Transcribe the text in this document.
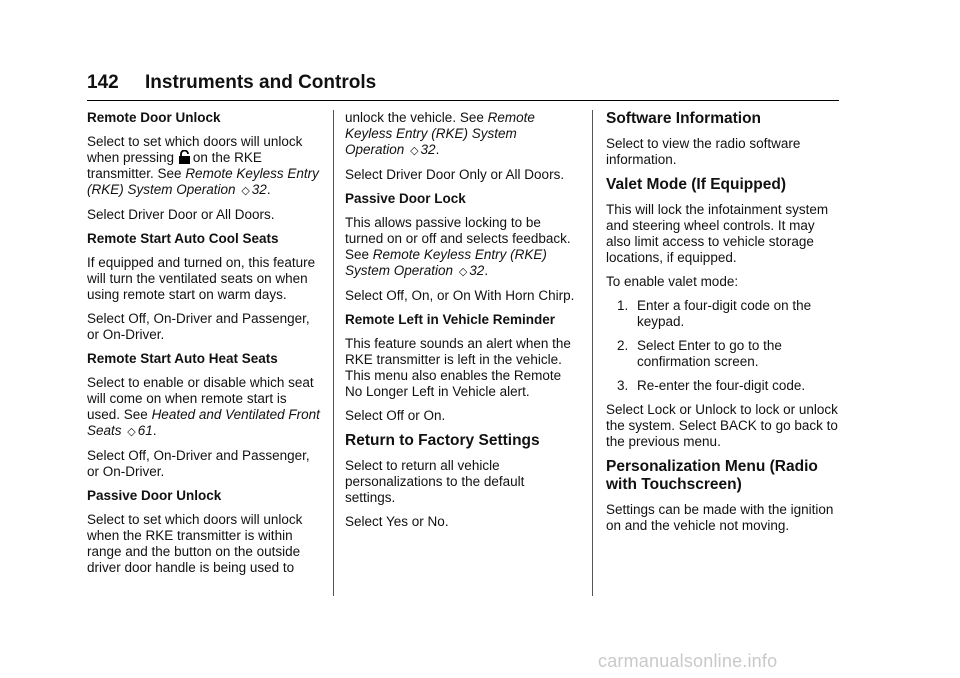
142 Instruments and Controls
Remote Door Unlock
Select to set which doors will unlock when pressing on the RKE transmitter. See Remote Keyless Entry (RKE) System Operation ◇ 32.
Select Driver Door or All Doors.
Remote Start Auto Cool Seats
If equipped and turned on, this feature will turn the ventilated seats on when using remote start on warm days.
Select Off, On-Driver and Passenger, or On-Driver.
Remote Start Auto Heat Seats
Select to enable or disable which seat will come on when remote start is used. See Heated and Ventilated Front Seats ◇ 61.
Select Off, On-Driver and Passenger, or On-Driver.
Passive Door Unlock
Select to set which doors will unlock when the RKE transmitter is within range and the button on the outside driver door handle is being used to
unlock the vehicle. See Remote Keyless Entry (RKE) System Operation ◇ 32.
Select Driver Door Only or All Doors.
Passive Door Lock
This allows passive locking to be turned on or off and selects feedback. See Remote Keyless Entry (RKE) System Operation ◇ 32.
Select Off, On, or On With Horn Chirp.
Remote Left in Vehicle Reminder
This feature sounds an alert when the RKE transmitter is left in the vehicle. This menu also enables the Remote No Longer Left in Vehicle alert.
Select Off or On.
Return to Factory Settings
Select to return all vehicle personalizations to the default settings.
Select Yes or No.
Software Information
Select to view the radio software information.
Valet Mode (If Equipped)
This will lock the infotainment system and steering wheel controls. It may also limit access to vehicle storage locations, if equipped.
To enable valet mode:
1. Enter a four-digit code on the keypad.
2. Select Enter to go to the confirmation screen.
3. Re-enter the four-digit code.
Select Lock or Unlock to lock or unlock the system. Select BACK to go back to the previous menu.
Personalization Menu (Radio with Touchscreen)
Settings can be made with the ignition on and the vehicle not moving.
carmanualsonline.info
